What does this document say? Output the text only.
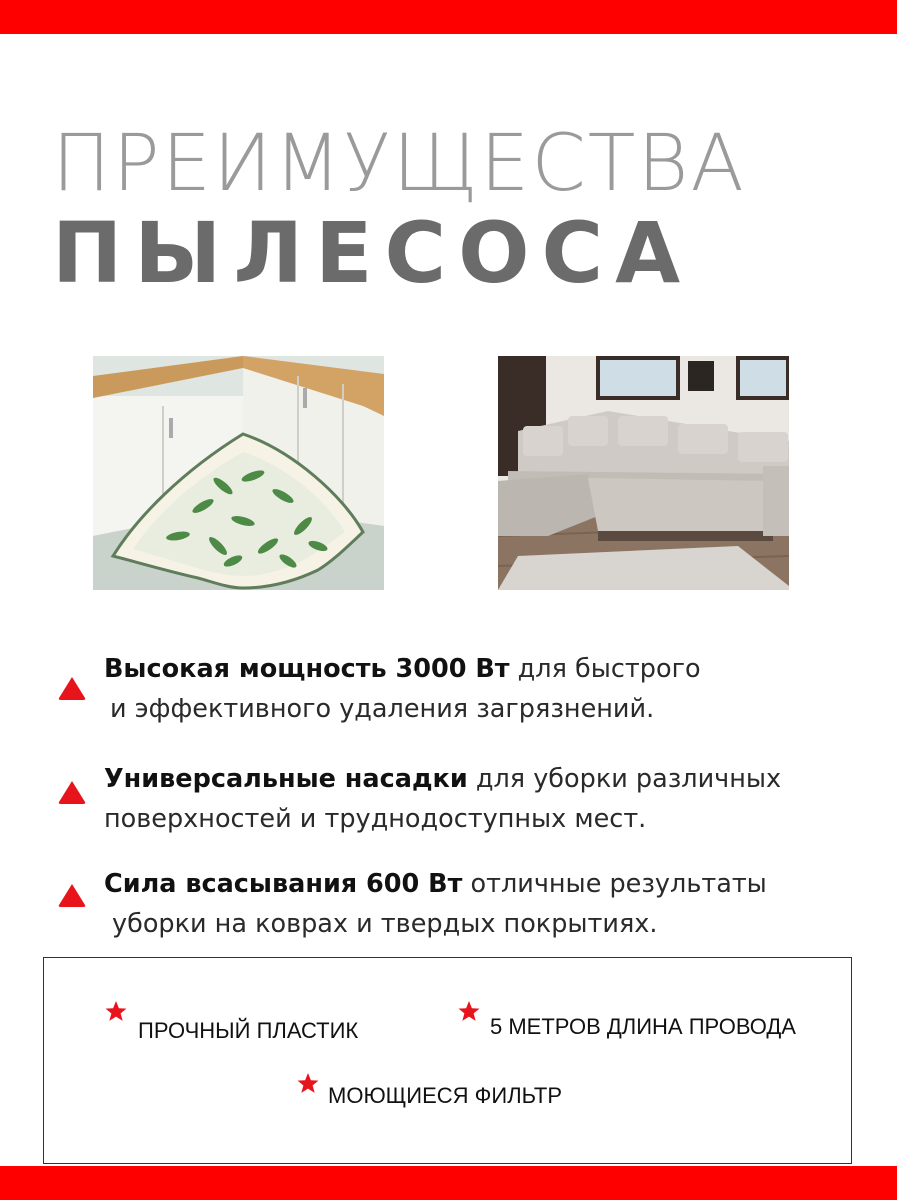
ПРЕИМУЩЕСТВА
ПЫЛЕСОСА
Высокая мощность 3000 Вт для быстрого
и эффективного удаления загрязнений.
Универсальные насадки для уборки различных
поверхностей и труднодоступных мест.
Сила всасывания 600 Вт отличные результаты
уборки на коврах и твердых покрытиях.
ПРОЧНЫЙ ПЛАСТИК	5 МЕТРОВ ДЛИНА ПРОВОДА
МОЮЩИЕСЯ ФИЛЬТР
